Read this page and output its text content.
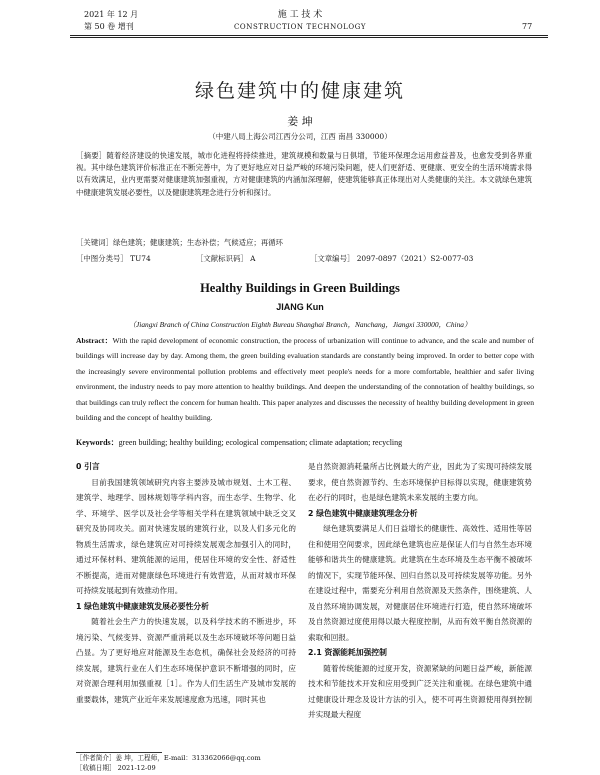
2021 年 12 月
第 50 卷 增刊
施 工 技 术
CONSTRUCTION TECHNOLOGY	77
绿色建筑中的健康建筑
姜 坤
（中建八局上海公司江西分公司，江西 南昌 330000）
［摘要］随着经济建设的快速发展，城市化进程将持续推进，建筑规模和数量与日俱增，节能环保理念运用愈益普及，也愈发受到各界重视。其中绿色建筑评价标准正在不断完善中，为了更好地应对日益严峻的环境污染问题，使人们更舒适、更健康、更安全的生活环境需求得以有效满足，业内更需要对健康建筑加强重视，方对健康建筑的内涵加深理解，使建筑能够真正体现出对人类健康的关注。本文就绿色建筑中健康建筑发展必要性，以及健康建筑理念进行分析和探讨。
［关键词］绿色建筑；健康建筑；生态补偿；气候适应；再循环
［中图分类号］ TU74	［文献标识码］ A	［文章编号］ 2097-0897（2021）S2-0077-03
Healthy Buildings in Green Buildings
JIANG Kun
（Jiangxi Branch of China Construction Eighth Bureau Shanghai Branch，Nanchang，Jiangxi 330000，China）
Abstract：With the rapid development of economic construction, the process of urbanization will continue to advance, and the scale and number of buildings will increase day by day. Among them, the green building evaluation standards are constantly being improved. In order to better cope with the increasingly severe environmental pollution problems and effectively meet people's needs for a more comfortable, healthier and safer living environment, the industry needs to pay more attention to healthy buildings. And deepen the understanding of the connotation of healthy buildings, so that buildings can truly reflect the concern for human health. This paper analyzes and discusses the necessity of healthy building development in green building and the concept of healthy building.
Keywords：green building; healthy building; ecological compensation; climate adaptation; recycling
0 引言
目前我国建筑领域研究内容主要涉及城市规划、土木工程、建筑学、地理学、园林规划等学科内容，而生态学、生物学、化学、环境学、医学以及社会学等相关学科在建筑领域中缺乏交叉研究及协同攻关。面对快速发展的建筑行业，以及人们多元化的物质生活需求，绿色建筑应对可持续发展观念加强引入的同时，通过环保材料、建筑能源的运用，使居住环境的安全性、舒适性不断提高，进而对健康绿色环境进行有效营造，从而对城市环保可持续发展起到有效推动作用。
1 绿色建筑中健康建筑发展必要性分析
随着社会生产力的快速发展，以及科学技术的不断进步，环境污染、气候变异、资源严重消耗以及生态环境破坏等问题日益凸显。为了更好地应对能源及生态危机，确保社会及经济的可持续发展，建筑行业在人们生态环境保护意识不断增强的同时，应对资源合理利用加强重视［1］。作为人们生活生产及城市发展的重要载体，建筑产业近年来发展速度愈为迅速，同时其也
［作者简介］姜 坤，工程师，E-mail：313362066@qq.com
［收稿日期］ 2021-12-09
是自然资源消耗量所占比例最大的产业，因此为了实现可持续发展要求，使自然资源节约、生态环境保护目标得以实现，健康建筑势在必行的同时，也是绿色建筑未来发展的主要方向。
2 绿色建筑中健康建筑理念分析
绿色建筑要满足人们日益增长的健康性、高效性、适用性等居住和使用空间要求，因此绿色建筑也应是保证人们与自然生态环境能够和谐共生的健康建筑。此建筑在生态环境及生态平衡不被破坏的情况下，实现节能环保、回归自然以及可持续发展等功能。另外在建设过程中，需要充分利用自然资源及天然条件，围绕建筑、人及自然环境协调发展，对健康居住环境进行打造，使自然环境破坏及自然资源过度使用得以最大程度控制，从而有效平衡自然资源的索取和回报。
2.1 资源能耗加强控制
随着传统能源的过度开发，资源紧缺的问题日益严峻，新能源技术和节能技术开发和应用受到广泛关注和重视。在绿色建筑中通过健康设计理念及设计方法的引入，使不可再生资源使用得到控制并实现最大程度
